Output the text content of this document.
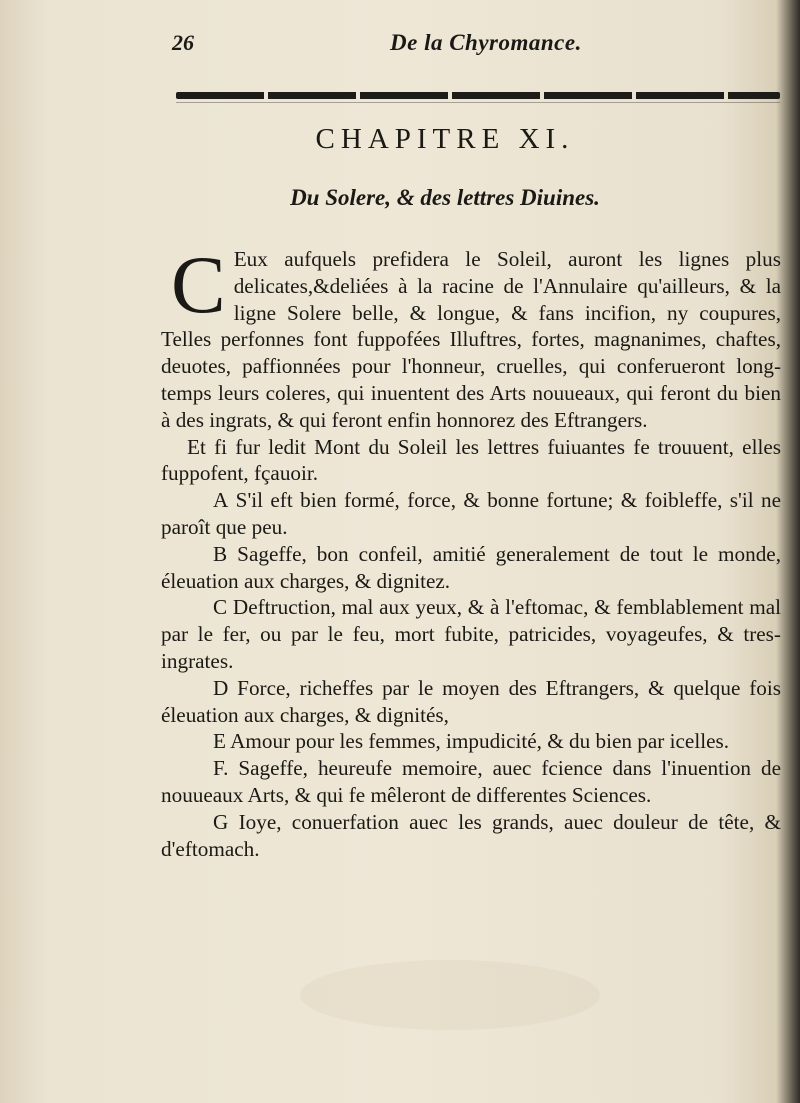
26	De la Chyromance.
CHAPITRE XI.
Du Solere, & des lettres Diuines.

C Eux aufquels prefidera le Soleil, auront les lignes plus delicates,&deliées à la racine de l'Annulaire qu'ailleurs, & la ligne Solere belle, & longue, & fans incifion, ny coupures, Telles perfonnes font fuppofées Illuftres, fortes, magnanimes, chaftes, deuotes, paffionnées pour l'honneur, cruelles, qui conferueront long-temps leurs coleres, qui inuentent des Arts nouueaux, qui feront du bien à des ingrats, & qui feront enfin honnorez des Eftrangers.

Et fi fur ledit Mont du Soleil les lettres fuiuantes fe trouuent, elles fuppofent, fçauoir.

A S'il eft bien formé, force, & bonne fortune; & foibleffe, s'il ne paroît que peu.

B Sageffe, bon confeil, amitié generalement de tout le monde, éleuation aux charges, & dignitez.

C Deftruction, mal aux yeux, & à l'eftomac, & femblablement mal par le fer, ou par le feu, mort fubite, patricides, voyageufes, & tres-ingrates.

D Force, richeffes par le moyen des Eftrangers, & quelque fois éleuation aux charges, & dignités,

E Amour pour les femmes, impudicité, & du bien par icelles.

F. Sageffe, heureufe memoire, auec fcience dans l'inuention de nouueaux Arts, & qui fe mêleront de differentes Sciences.

G Ioye, conuerfation auec les grands, auec douleur de tête, & d'eftomach.
